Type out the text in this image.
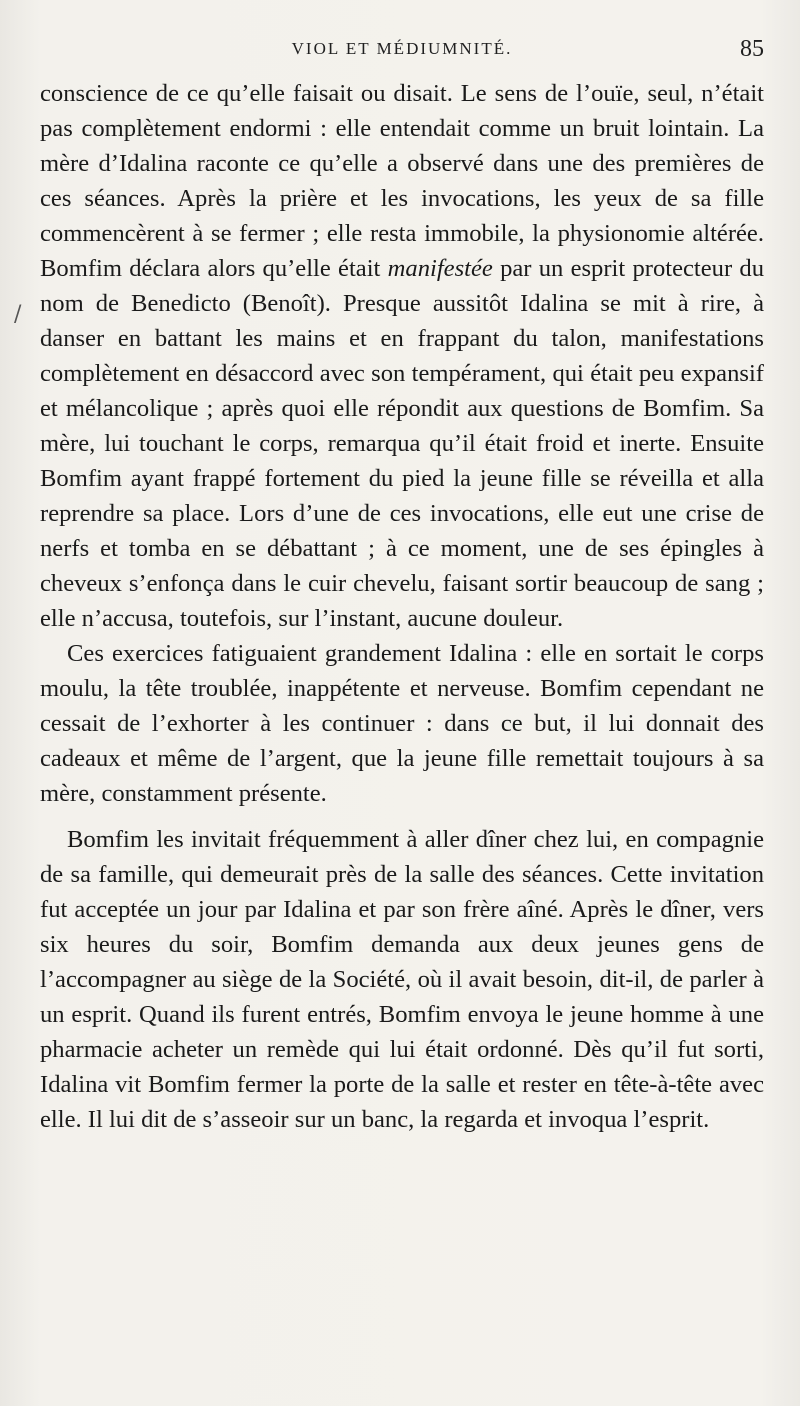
VIOL ET MÉDIUMNITÉ.	85
/

conscience de ce qu’elle faisait ou disait. Le sens de l’ouïe, seul, n’était pas complètement endormi : elle entendait comme un bruit lointain. La mère d’Idalina raconte ce qu’elle a observé dans une des premières de ces séances. Après la prière et les invocations, les yeux de sa fille commencèrent à se fermer ; elle resta immobile, la physionomie altérée. Bomfim déclara alors qu’elle était manifestée par un esprit protecteur du nom de Benedicto (Benoît). Presque aussitôt Idalina se mit à rire, à danser en battant les mains et en frappant du talon, manifestations complètement en désaccord avec son tempérament, qui était peu expansif et mélancolique ; après quoi elle répondit aux questions de Bomfim. Sa mère, lui touchant le corps, remarqua qu’il était froid et inerte. Ensuite Bomfim ayant frappé fortement du pied la jeune fille se réveilla et alla reprendre sa place. Lors d’une de ces invocations, elle eut une crise de nerfs et tomba en se débattant ; à ce moment, une de ses épingles à cheveux s’enfonça dans le cuir chevelu, faisant sortir beaucoup de sang ; elle n’accusa, toutefois, sur l’instant, aucune douleur.

Ces exercices fatiguaient grandement Idalina : elle en sortait le corps moulu, la tête troublée, inappétente et nerveuse. Bomfim cependant ne cessait de l’exhorter à les continuer : dans ce but, il lui donnait des cadeaux et même de l’argent, que la jeune fille remettait toujours à sa mère, constamment présente.

Bomfim les invitait fréquemment à aller dîner chez lui, en compagnie de sa famille, qui demeurait près de la salle des séances. Cette invitation fut acceptée un jour par Idalina et par son frère aîné. Après le dîner, vers six heures du soir, Bomfim demanda aux deux jeunes gens de l’accompagner au siège de la Société, où il avait besoin, dit-il, de parler à un esprit. Quand ils furent entrés, Bomfim envoya le jeune homme à une pharmacie acheter un remède qui lui était ordonné. Dès qu’il fut sorti, Idalina vit Bomfim fermer la porte de la salle et rester en tête-à-tête avec elle. Il lui dit de s’asseoir sur un banc, la regarda et invoqua l’esprit.
